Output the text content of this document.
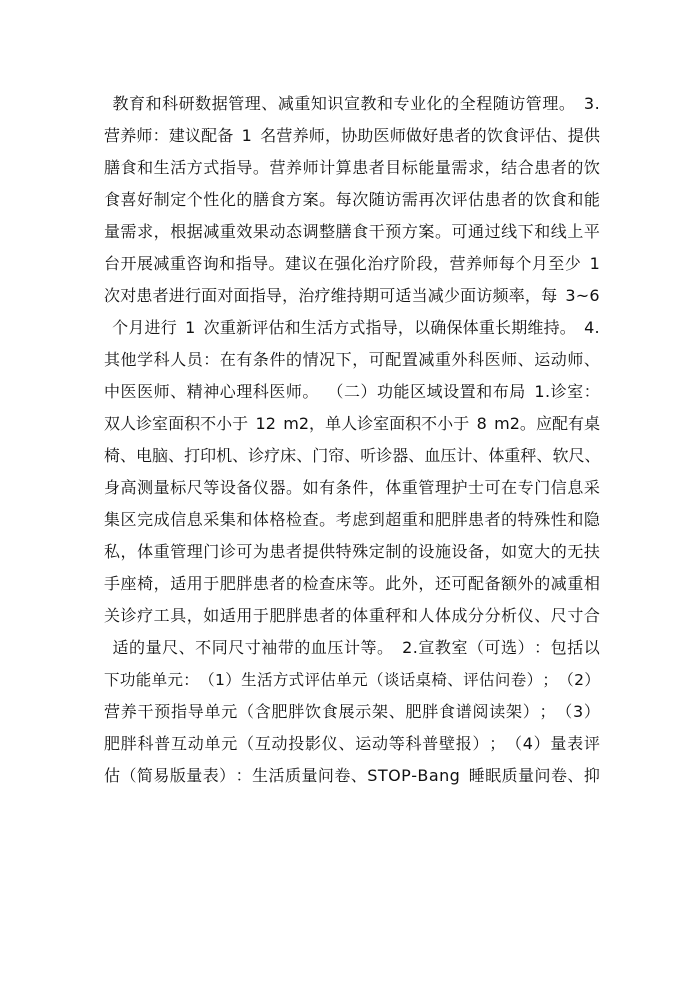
教 育 和 科 研 数 据 管 理 、 减 重 知 识 宣 教 和 专 业 化 的 全 程 随 访 管 理 。 3 .
营 养 师 ： 建 议 配 备 1 名 营 养 师 ， 协 助 医 师 做 好 患 者 的 饮 食 评 估 、 提 供
膳 食 和 生 活 方 式 指 导 。 营 养 师 计 算 患 者 目 标 能 量 需 求 ， 结 合 患 者 的 饮
食 喜 好 制 定 个 性 化 的 膳 食 方 案 。 每 次 随 访 需 再 次 评 估 患 者 的 饮 食 和 能
量 需 求 ， 根 据 减 重 效 果 动 态 调 整 膳 食 干 预 方 案 。 可 通 过 线 下 和 线 上 平
台 开 展 减 重 咨 询 和 指 导 。 建 议 在 强 化 治 疗 阶 段 ， 营 养 师 每 个 月 至 少 1
次 对 患 者 进 行 面 对 面 指 导 ， 治 疗 维 持 期 可 适 当 减 少 面 访 频 率 ， 每 3 ~ 6
个 月 进 行 1 次 重 新 评 估 和 生 活 方 式 指 导 ， 以 确 保 体 重 长 期 维 持 。 4 .
其 他 学 科 人 员 ： 在 有 条 件 的 情 况 下 ， 可 配 置 减 重 外 科 医 师 、 运 动 师 、
中 医 医 师 、 精 神 心 理 科 医 师 。 （ 二 ） 功 能 区 域 设 置 和 布 局 1 . 诊 室 ：
双 人 诊 室 面 积 不 小 于 1 2 m 2 ， 单 人 诊 室 面 积 不 小 于 8 m 2 。 应 配 有 桌
椅 、 电 脑 、 打 印 机 、 诊 疗 床 、 门 帘 、 听 诊 器 、 血 压 计 、 体 重 秤 、 软 尺 、
身 高 测 量 标 尺 等 设 备 仪 器 。 如 有 条 件 ， 体 重 管 理 护 士 可 在 专 门 信 息 采
集 区 完 成 信 息 采 集 和 体 格 检 查 。 考 虑 到 超 重 和 肥 胖 患 者 的 特 殊 性 和 隐
私 ， 体 重 管 理 门 诊 可 为 患 者 提 供 特 殊 定 制 的 设 施 设 备 ， 如 宽 大 的 无 扶
手 座 椅 ， 适 用 于 肥 胖 患 者 的 检 查 床 等 。 此 外 ， 还 可 配 备 额 外 的 减 重 相
关 诊 疗 工 具 ， 如 适 用 于 肥 胖 患 者 的 体 重 秤 和 人 体 成 分 分 析 仪 、 尺 寸 合
适 的 量 尺 、 不 同 尺 寸 袖 带 的 血 压 计 等 。 2 . 宣 教 室 （ 可 选 ） ： 包 括 以
下 功 能 单 元 ： （ 1 ） 生 活 方 式 评 估 单 元 （ 谈 话 桌 椅 、 评 估 问 卷 ） ； （ 2 ）
营 养 干 预 指 导 单 元 （ 含 肥 胖 饮 食 展 示 架 、 肥 胖 食 谱 阅 读 架 ） ； （ 3 ）
肥 胖 科 普 互 动 单 元 （ 互 动 投 影 仪 、 运 动 等 科 普 壁 报 ） ； （ 4 ） 量 表 评
估 （ 简 易 版 量 表 ） ： 生 活 质 量 问 卷 、 S T O P - B a n g 睡 眠 质 量 问 卷 、 抑
